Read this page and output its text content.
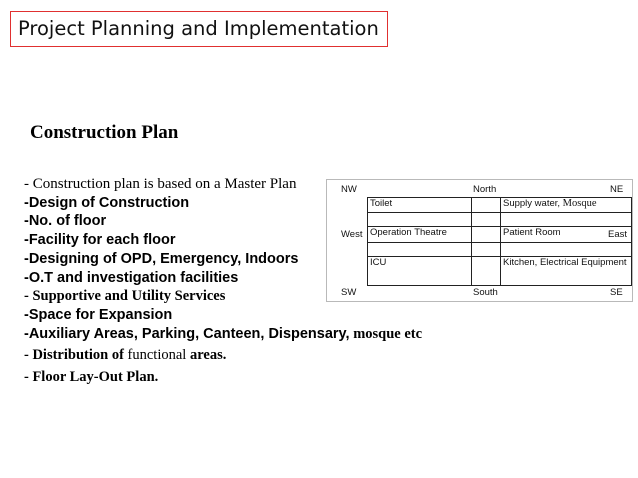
Project Planning and Implementation
Construction Plan
- Construction plan is based on a Master Plan
-Design of Construction
-No. of floor
-Facility for each floor
-Designing of OPD, Emergency, Indoors
-O.T and investigation facilities
- Supportive and Utility Services
-Space for Expansion
-Auxiliary Areas, Parking, Canteen, Dispensary, mosque etc
- Distribution of functional areas.
- Floor Lay-Out Plan.
NW	North	NE
West	East
SW	South	SE
Toilet		Supply water, Mosque

Operation Theatre		Patient Room

ICU		Kitchen, Electrical Equipment
